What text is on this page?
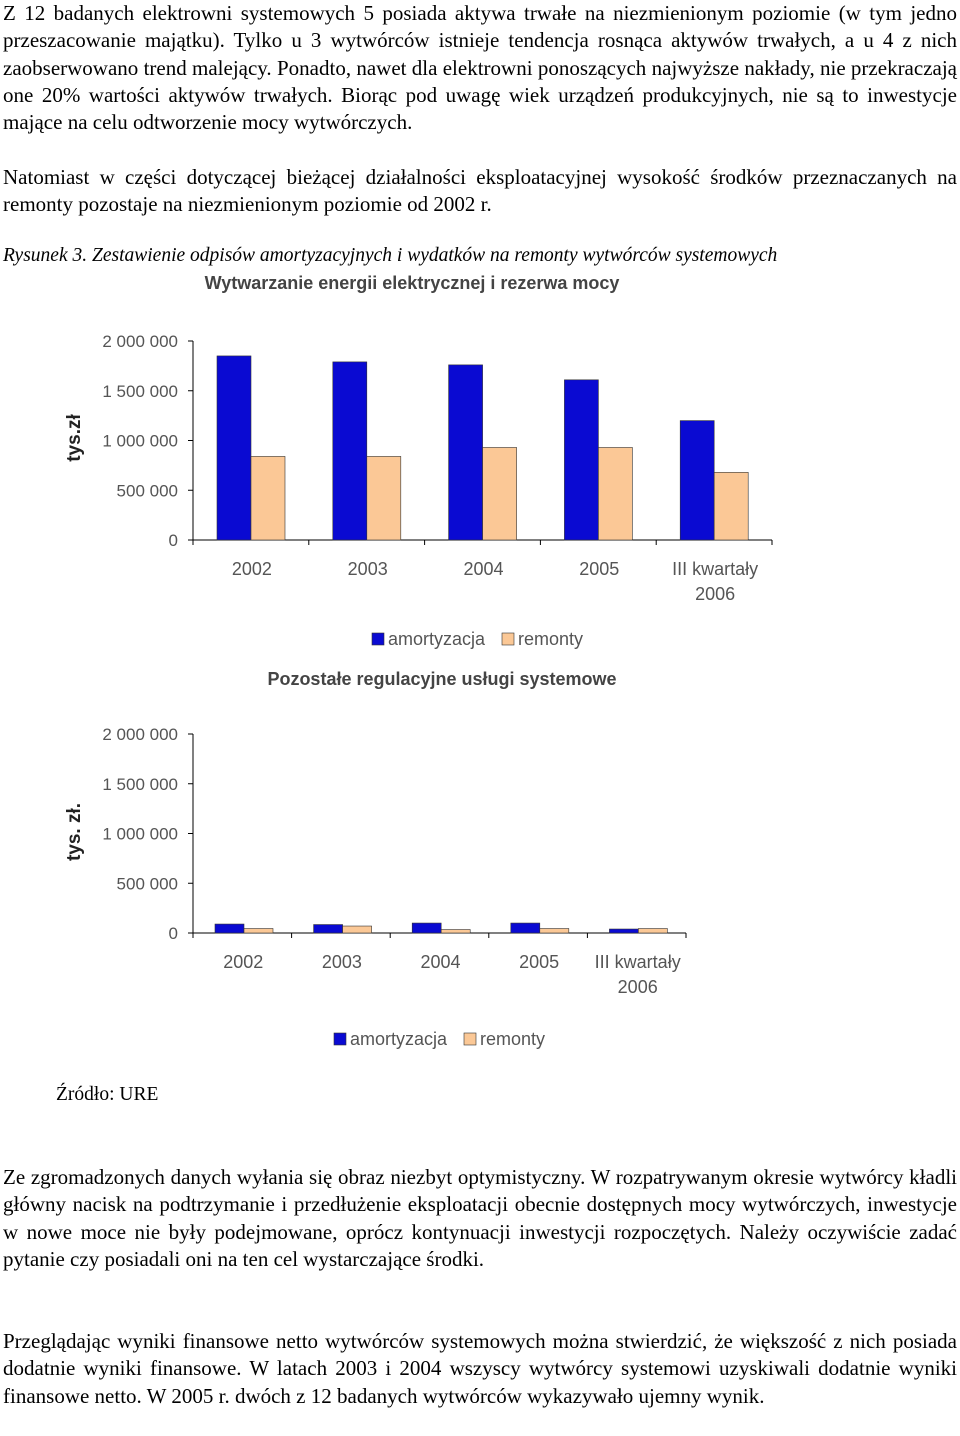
Z 12 badanych elektrowni systemowych 5 posiada aktywa trwałe na niezmienionym poziomie (w tym jedno przeszacowanie majątku). Tylko u 3 wytwórców istnieje tendencja rosnąca aktywów trwałych, a u 4 z nich zaobserwowano trend malejący. Ponadto, nawet dla elektrowni ponoszących najwyższe nakłady, nie przekraczają one 20% wartości aktywów trwałych. Biorąc pod uwagę wiek urządzeń produkcyjnych, nie są to inwestycje mające na celu odtworzenie mocy wytwórczych.

Natomiast w części dotyczącej bieżącej działalności eksploatacyjnej wysokość środków przeznaczanych na remonty pozostaje na niezmienionym poziomie od 2002 r.

Rysunek 3. Zestawienie odpisów amortyzacyjnych i wydatków na remonty wytwórców systemowych

Wytwarzanie energii elektrycznej i rezerwa mocy
tys.zł
2 000 000
1 500 000
1 000 000
500 000
0
2002	2003	2004	2005	III kwartały
2006
amortyzacja remonty
Pozostałe regulacyjne usługi systemowe
tys. zł.
2 000 000
1 500 000
1 000 000
500 000
0
2002	2003	2004	2005 III kwartały
2006
amortyzacja remonty

Źródło: URE

Ze zgromadzonych danych wyłania się obraz niezbyt optymistyczny. W rozpatrywanym okresie wytwórcy kładli główny nacisk na podtrzymanie i przedłużenie eksploatacji obecnie dostępnych mocy wytwórczych, inwestycje w nowe moce nie były podejmowane, oprócz kontynuacji inwestycji rozpoczętych. Należy oczywiście zadać pytanie czy posiadali oni na ten cel wystarczające środki.

Przeglądając wyniki finansowe netto wytwórców systemowych można stwierdzić, że większość z nich posiada dodatnie wyniki finansowe. W latach 2003 i 2004 wszyscy wytwórcy systemowi uzyskiwali dodatnie wyniki finansowe netto. W 2005 r. dwóch z 12 badanych wytwórców wykazywało ujemny wynik.
